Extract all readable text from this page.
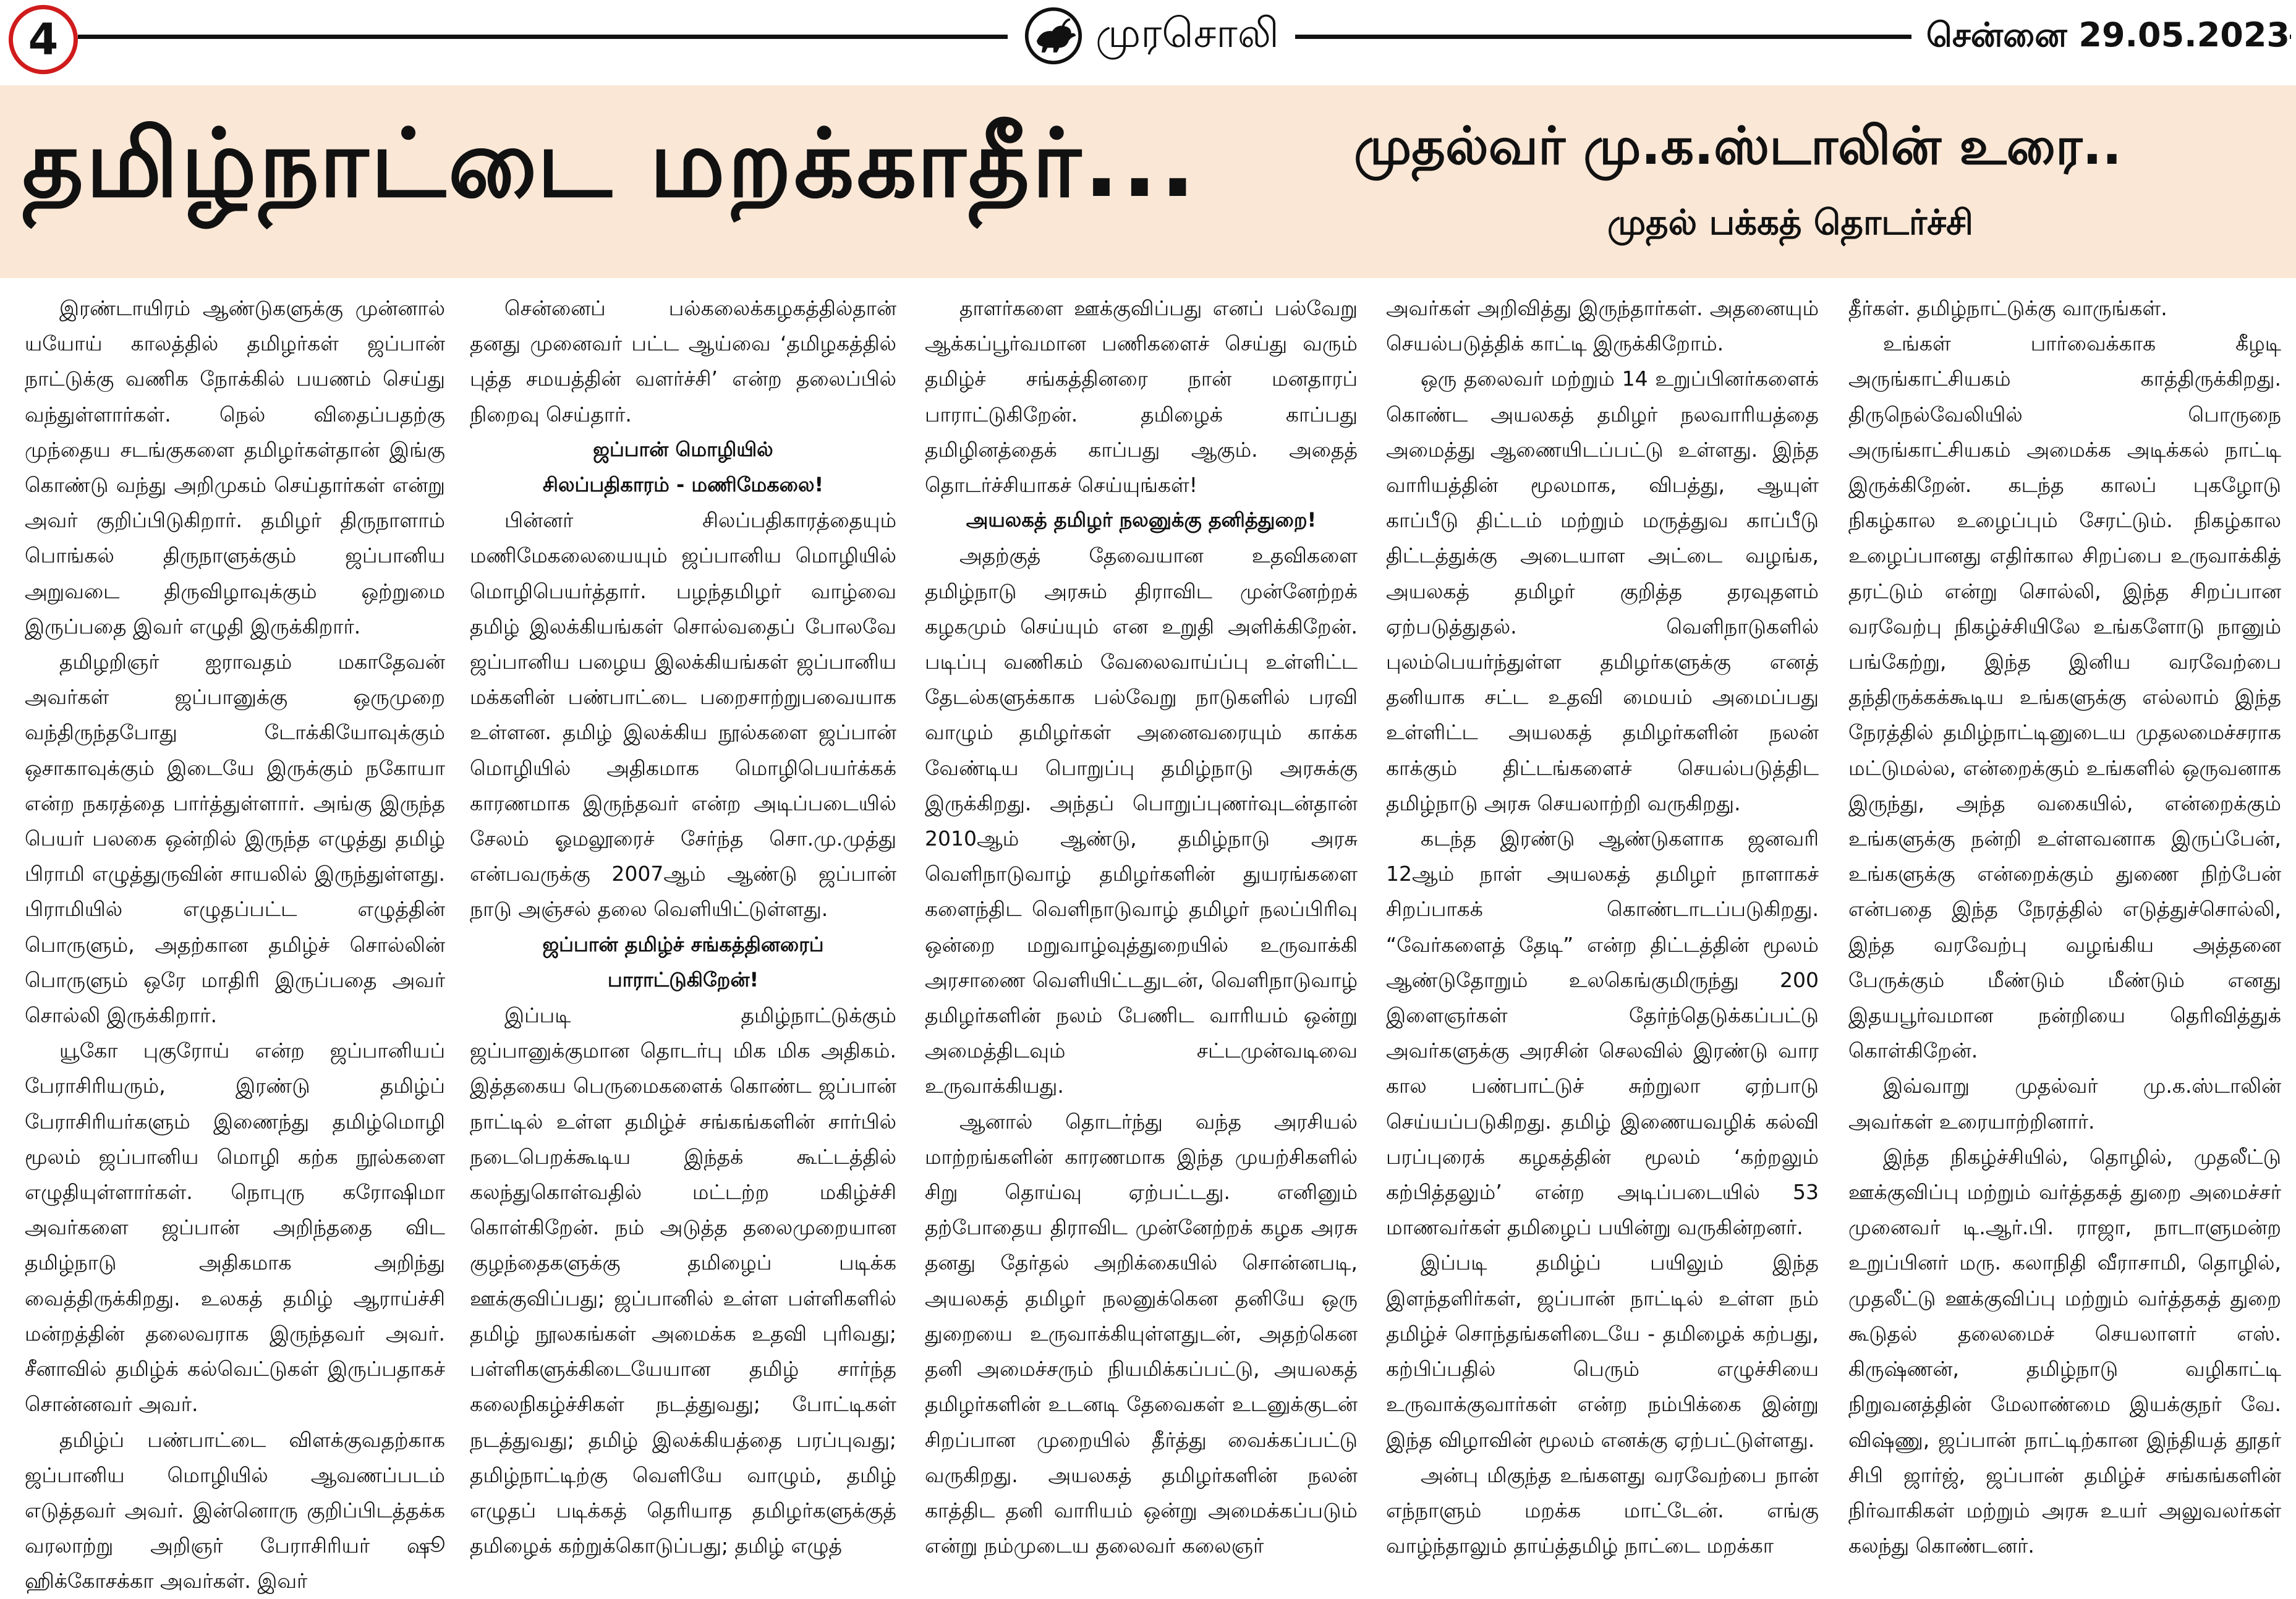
4	முரசொலி	சென்னை 29.05.2023
தமிழ்நாட்டை மறக்காதீர்...	முதல்வர் மு.க.ஸ்டாலின் உரை..
முதல் பக்கத் தொடர்ச்சி

இரண்டாயிரம் ஆண்டுகளுக்கு முன்னால் யயோய் காலத்தில் தமிழர்கள் ஜப்பான் நாட்டுக்கு வணிக நோக்கில் பயணம் செய்து வந்துள்ளார்கள். நெல் விதைப்பதற்கு முந்தைய சடங்குகளை தமிழர்கள்தான் இங்கு கொண்டு வந்து அறிமுகம் செய்தார்கள் என்று அவர் குறிப்பிடுகிறார். தமிழர் திருநாளாம் பொங்கல் திருநாளுக்கும் ஜப்பானிய அறுவடை திருவிழாவுக்கும் ஒற்றுமை இருப்பதை இவர் எழுதி இருக்கிறார்.

தமிழறிஞர் ஐராவதம் மகாதேவன் அவர்கள் ஜப்பானுக்கு ஒருமுறை வந்திருந்தபோது டோக்கியோவுக்கும் ஒசாகாவுக்கும் இடையே இருக்கும் நகோயா என்ற நகரத்தை பார்த்துள்ளார். அங்கு இருந்த பெயர் பலகை ஒன்றில் இருந்த எழுத்து தமிழ் பிராமி எழுத்துருவின் சாயலில் இருந்துள்ளது. பிராமியில் எழுதப்பட்ட எழுத்தின் பொருளும், அதற்கான தமிழ்ச் சொல்லின் பொருளும் ஒரே மாதிரி இருப்பதை அவர் சொல்லி இருக்கிறார்.

யூகோ புகுரோய் என்ற ஜப்பானியப் பேராசிரியரும், இரண்டு தமிழ்ப் பேராசிரியர்களும் இணைந்து தமிழ்மொழி மூலம் ஜப்பானிய மொழி கற்க நூல்களை எழுதியுள்ளார்கள். நொபுரு கரோஷிமா அவர்களை ஜப்பான் அறிந்ததை விட தமிழ்நாடு அதிகமாக அறிந்து வைத்திருக்கிறது. உலகத் தமிழ் ஆராய்ச்சி மன்றத்தின் தலைவராக இருந்தவர் அவர். சீனாவில் தமிழ்க் கல்வெட்டுகள் இருப்பதாகச் சொன்னவர் அவர்.

தமிழ்ப் பண்பாட்டை விளக்குவதற்காக ஜப்பானிய மொழியில் ஆவணப்படம் எடுத்தவர் அவர். இன்னொரு குறிப்பிடத்தக்க வரலாற்று அறிஞர் பேராசிரியர் ஷூ ஹிக்கோசக்கா அவர்கள். இவர்

சென்னைப் பல்கலைக்கழகத்தில்தான் தனது முனைவர் பட்ட ஆய்வை ‘தமிழகத்தில் புத்த சமயத்தின் வளர்ச்சி’ என்ற தலைப்பில் நிறைவு செய்தார்.

ஜப்பான் மொழியில்
சிலப்பதிகாரம் - மணிமேகலை!

பின்னர் சிலப்பதிகாரத்தையும் மணிமேகலையையும் ஜப்பானிய மொழியில் மொழிபெயர்த்தார். பழந்தமிழர் வாழ்வை தமிழ் இலக்கியங்கள் சொல்வதைப் போலவே ஜப்பானிய பழைய இலக்கியங்கள் ஜப்பானிய மக்களின் பண்பாட்டை பறைசாற்றுபவையாக உள்ளன. தமிழ் இலக்கிய நூல்களை ஜப்பான் மொழியில் அதிகமாக மொழிபெயர்க்கக் காரணமாக இருந்தவர் என்ற அடிப்படையில் சேலம் ஓமலூரைச் சேர்ந்த சொ.மு.முத்து என்பவருக்கு 2007ஆம் ஆண்டு ஜப்பான் நாடு அஞ்சல் தலை வெளியிட்டுள்ளது.

ஜப்பான் தமிழ்ச் சங்கத்தினரைப்
பாராட்டுகிறேன்!

இப்படி தமிழ்நாட்டுக்கும் ஜப்பானுக்குமான தொடர்பு மிக மிக அதிகம். இத்தகைய பெருமைகளைக் கொண்ட ஜப்பான் நாட்டில் உள்ள தமிழ்ச் சங்கங்களின் சார்பில் நடைபெறக்கூடிய இந்தக் கூட்டத்தில் கலந்துகொள்வதில் மட்டற்ற மகிழ்ச்சி கொள்கிறேன். நம் அடுத்த தலைமுறையான குழந்தைகளுக்கு தமிழைப் படிக்க ஊக்குவிப்பது; ஜப்பானில் உள்ள பள்ளிகளில் தமிழ் நூலகங்கள் அமைக்க உதவி புரிவது; பள்ளிகளுக்கிடையேயான தமிழ் சார்ந்த கலைநிகழ்ச்சிகள் நடத்துவது; போட்டிகள் நடத்துவது; தமிழ் இலக்கியத்தை பரப்புவது; தமிழ்நாட்டிற்கு வெளியே வாழும், தமிழ் எழுதப் படிக்கத் தெரியாத தமிழர்களுக்குத் தமிழைக் கற்றுக்கொடுப்பது; தமிழ் எழுத்

தாளர்களை ஊக்குவிப்பது எனப் பல்வேறு ஆக்கப்பூர்வமான பணிகளைச் செய்து வரும் தமிழ்ச் சங்கத்தினரை நான் மனதாரப் பாராட்டுகிறேன். தமிழைக் காப்பது தமிழினத்தைக் காப்பது ஆகும். அதைத் தொடர்ச்சியாகச் செய்யுங்கள்!

அயலகத் தமிழர் நலனுக்கு தனித்துறை!

அதற்குத் தேவையான உதவிகளை தமிழ்நாடு அரசும் திராவிட முன்னேற்றக் கழகமும் செய்யும் என உறுதி அளிக்கிறேன். படிப்பு வணிகம் வேலைவாய்ப்பு உள்ளிட்ட தேடல்களுக்காக பல்வேறு நாடுகளில் பரவி வாழும் தமிழர்கள் அனைவரையும் காக்க வேண்டிய பொறுப்பு தமிழ்நாடு அரசுக்கு இருக்கிறது. அந்தப் பொறுப்புணர்வுடன்தான் 2010ஆம் ஆண்டு, தமிழ்நாடு அரசு வெளிநாடுவாழ் தமிழர்களின் துயரங்களை களைந்திட வெளிநாடுவாழ் தமிழர் நலப்பிரிவு ஒன்றை மறுவாழ்வுத்துறையில் உருவாக்கி அரசாணை வெளியிட்டதுடன், வெளிநாடுவாழ் தமிழர்களின் நலம் பேணிட வாரியம் ஒன்று அமைத்திடவும் சட்டமுன்வடிவை உருவாக்கியது.

ஆனால் தொடர்ந்து வந்த அரசியல் மாற்றங்களின் காரணமாக இந்த முயற்சிகளில் சிறு தொய்வு ஏற்பட்டது. எனினும் தற்போதைய திராவிட முன்னேற்றக் கழக அரசு தனது தேர்தல் அறிக்கையில் சொன்னபடி, அயலகத் தமிழர் நலனுக்கென தனியே ஒரு துறையை உருவாக்கியுள்ளதுடன், அதற்கென தனி அமைச்சரும் நியமிக்கப்பட்டு, அயலகத் தமிழர்களின் உடனடி தேவைகள் உடனுக்குடன் சிறப்பான முறையில் தீர்த்து வைக்கப்பட்டு வருகிறது. அயலகத் தமிழர்களின் நலன் காத்திட தனி வாரியம் ஒன்று அமைக்கப்படும் என்று நம்முடைய தலைவர் கலைஞர்

அவர்கள் அறிவித்து இருந்தார்கள். அதனையும் செயல்படுத்திக் காட்டி இருக்கிறோம்.

ஒரு தலைவர் மற்றும் 14 உறுப்பினர்களைக் கொண்ட அயலகத் தமிழர் நலவாரியத்தை அமைத்து ஆணையிடப்பட்டு உள்ளது. இந்த வாரியத்தின் மூலமாக, விபத்து, ஆயுள் காப்பீடு திட்டம் மற்றும் மருத்துவ காப்பீடு திட்டத்துக்கு அடையாள அட்டை வழங்க, அயலகத் தமிழர் குறித்த தரவுதளம் ஏற்படுத்துதல். வெளிநாடுகளில் புலம்பெயர்ந்துள்ள தமிழர்களுக்கு எனத் தனியாக சட்ட உதவி மையம் அமைப்பது உள்ளிட்ட அயலகத் தமிழர்களின் நலன் காக்கும் திட்டங்களைச் செயல்படுத்திட தமிழ்நாடு அரசு செயலாற்றி வருகிறது.

கடந்த இரண்டு ஆண்டுகளாக ஜனவரி 12ஆம் நாள் அயலகத் தமிழர் நாளாகச் சிறப்பாகக் கொண்டாடப்படுகிறது. “வேர்களைத் தேடி” என்ற திட்டத்தின் மூலம் ஆண்டுதோறும் உலகெங்குமிருந்து 200 இளைஞர்கள் தேர்ந்தெடுக்கப்பட்டு அவர்களுக்கு அரசின் செலவில் இரண்டு வார கால பண்பாட்டுச் சுற்றுலா ஏற்பாடு செய்யப்படுகிறது. தமிழ் இணையவழிக் கல்வி பரப்புரைக் கழகத்தின் மூலம் ‘கற்றலும் கற்பித்தலும்’ என்ற அடிப்படையில் 53 மாணவர்கள் தமிழைப் பயின்று வருகின்றனர்.

இப்படி தமிழ்ப் பயிலும் இந்த இளந்தளிர்கள், ஜப்பான் நாட்டில் உள்ள நம் தமிழ்ச் சொந்தங்களிடையே - தமிழைக் கற்பது, கற்பிப்பதில் பெரும் எழுச்சியை உருவாக்குவார்கள் என்ற நம்பிக்கை இன்று இந்த விழாவின் மூலம் எனக்கு ஏற்பட்டுள்ளது.

அன்பு மிகுந்த உங்களது வரவேற்பை நான் எந்நாளும் மறக்க மாட்டேன். எங்கு வாழ்ந்தாலும் தாய்த்தமிழ் நாட்டை மறக்கா

தீர்கள். தமிழ்நாட்டுக்கு வாருங்கள்.

உங்கள் பார்வைக்காக கீழடி அருங்காட்சியகம் காத்திருக்கிறது. திருநெல்வேலியில் பொருநை அருங்காட்சியகம் அமைக்க அடிக்கல் நாட்டி இருக்கிறேன். கடந்த காலப் புகழோடு நிகழ்கால உழைப்பும் சேரட்டும். நிகழ்கால உழைப்பானது எதிர்கால சிறப்பை உருவாக்கித் தரட்டும் என்று சொல்லி, இந்த சிறப்பான வரவேற்பு நிகழ்ச்சியிலே உங்களோடு நானும் பங்கேற்று, இந்த இனிய வரவேற்பை தந்திருக்கக்கூடிய உங்களுக்கு எல்லாம் இந்த நேரத்தில் தமிழ்நாட்டினுடைய முதலமைச்சராக மட்டுமல்ல, என்றைக்கும் உங்களில் ஒருவனாக இருந்து, அந்த வகையில், என்றைக்கும் உங்களுக்கு நன்றி உள்ளவனாக இருப்பேன், உங்களுக்கு என்றைக்கும் துணை நிற்பேன் என்பதை இந்த நேரத்தில் எடுத்துச்சொல்லி, இந்த வரவேற்பு வழங்கிய அத்தனை பேருக்கும் மீண்டும் மீண்டும் எனது இதயபூர்வமான நன்றியை தெரிவித்துக் கொள்கிறேன்.

இவ்வாறு முதல்வர் மு.க.ஸ்டாலின் அவர்கள் உரையாற்றினார்.

இந்த நிகழ்ச்சியில், தொழில், முதலீட்டு ஊக்குவிப்பு மற்றும் வர்த்தகத் துறை அமைச்சர் முனைவர் டி.ஆர்.பி. ராஜா, நாடாளுமன்ற உறுப்பினர் மரு. கலாநிதி வீராசாமி, தொழில், முதலீட்டு ஊக்குவிப்பு மற்றும் வர்த்தகத் துறை கூடுதல் தலைமைச் செயலாளர் எஸ். கிருஷ்ணன், தமிழ்நாடு வழிகாட்டி நிறுவனத்தின் மேலாண்மை இயக்குநர் வே. விஷ்ணு, ஜப்பான் நாட்டிற்கான இந்தியத் தூதர் சிபி ஜார்ஜ், ஜப்பான் தமிழ்ச் சங்கங்களின் நிர்வாகிகள் மற்றும் அரசு உயர் அலுவலர்கள் கலந்து கொண்டனர்.
